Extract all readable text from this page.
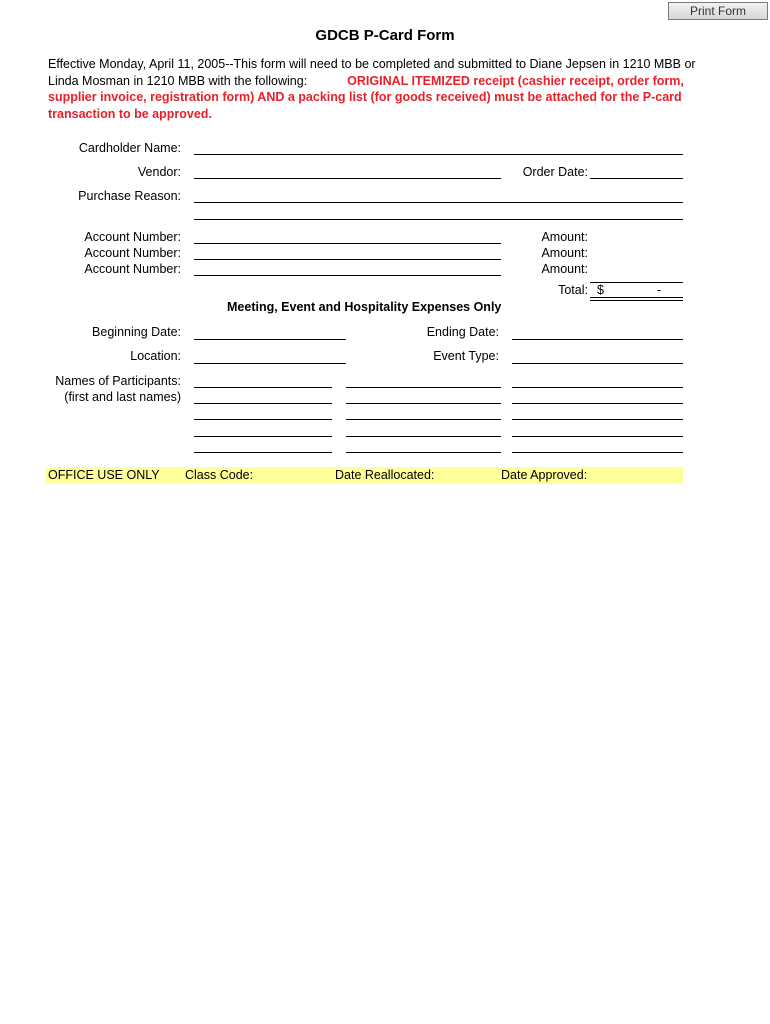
Print Form
GDCB P-Card Form
Effective Monday, April 11, 2005--This form will need to be completed and submitted to Diane Jepsen in 1210 MBB or Linda Mosman in 1210 MBB with the following:	ORIGINAL ITEMIZED receipt (cashier receipt, order form, supplier invoice, registration form) AND a packing list (for goods received) must be attached for the P-card transaction to be approved.
Cardholder Name:
Vendor:	Order Date:
Purchase Reason:
Account Number:	Amount:
Account Number:	Amount:
Account Number:	Amount:
Total: $	-
Meeting, Event and Hospitality Expenses Only
Beginning Date:	Ending Date:
Location:	Event Type:
Names of Participants:
(first and last names)
OFFICE USE ONLY Class Code:	Date Reallocated:	Date Approved:
